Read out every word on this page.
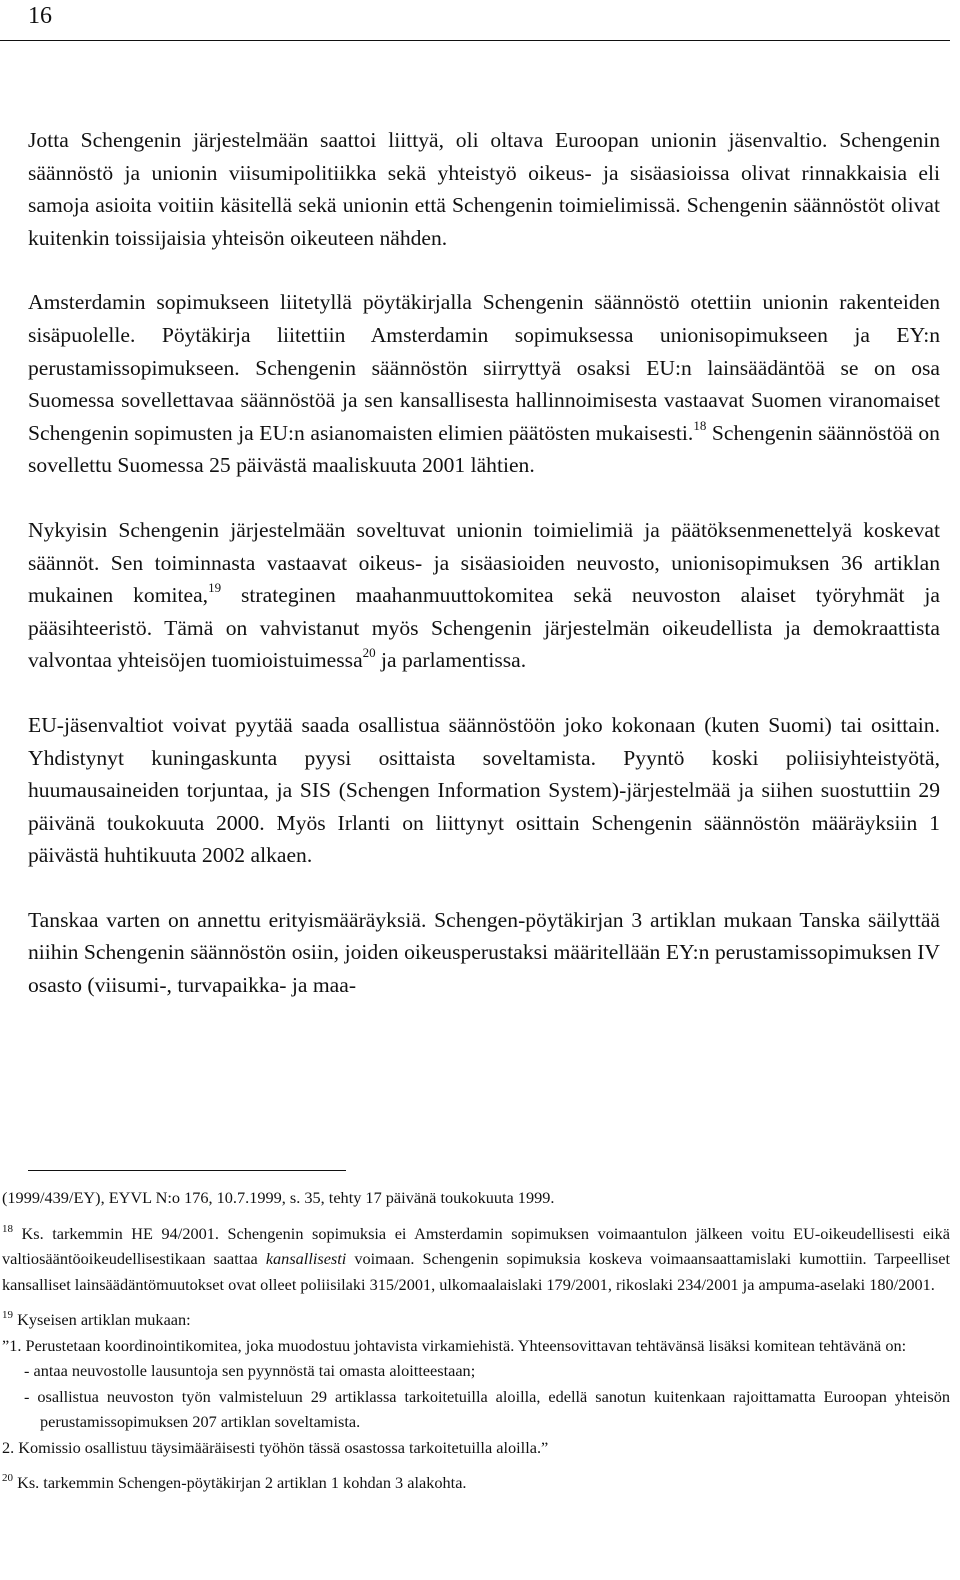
16

Jotta Schengenin järjestelmään saattoi liittyä, oli oltava Euroopan unionin jäsenvaltio. Schengenin säännöstö ja unionin viisumipolitiikka sekä yhteistyö oikeus- ja sisäasioissa olivat rinnakkaisia eli samoja asioita voitiin käsitellä sekä unionin että Schengenin toimielimissä. Schengenin säännöstöt olivat kuitenkin toissijaisia yhteisön oikeuteen nähden.

Amsterdamin sopimukseen liitetyllä pöytäkirjalla Schengenin säännöstö otettiin unionin rakenteiden sisäpuolelle. Pöytäkirja liitettiin Amsterdamin sopimuksessa unionisopimukseen ja EY:n perustamissopimukseen. Schengenin säännöstön siirryttyä osaksi EU:n lainsäädäntöä se on osa Suomessa sovellettavaa säännöstöä ja sen kansallisesta hallinnoimisesta vastaavat Suomen viranomaiset Schengenin sopimusten ja EU:n asianomaisten elimien päätösten mukaisesti.$^{18}$ Schengenin säännöstöä on sovellettu Suomessa 25 päivästä maaliskuuta 2001 lähtien.

Nykyisin Schengenin järjestelmään soveltuvat unionin toimielimiä ja päätöksenmenettelyä koskevat säännöt. Sen toiminnasta vastaavat oikeus- ja sisäasioiden neuvosto, unionisopimuksen 36 artiklan mukainen komitea,$^{19}$ strateginen maahanmuuttokomitea sekä neuvoston alaiset työryhmät ja pääsihteeristö. Tämä on vahvistanut myös Schengenin järjestelmän oikeudellista ja demokraattista valvontaa yhteisöjen tuomioistuimessa$^{20}$ ja parlamentissa.

EU-jäsenvaltiot voivat pyytää saada osallistua säännöstöön joko kokonaan (kuten Suomi) tai osittain. Yhdistynyt kuningaskunta pyysi osittaista soveltamista. Pyyntö koski poliisiyhteistyötä, huumausaineiden torjuntaa, ja SIS (Schengen Information System)-järjestelmää ja siihen suostuttiin 29 päivänä toukokuuta 2000. Myös Irlanti on liittynyt osittain Schengenin säännöstön määräyksiin 1 päivästä huhtikuuta 2002 alkaen.

Tanskaa varten on annettu erityismääräyksiä. Schengen-pöytäkirjan 3 artiklan mukaan Tanska säilyttää niihin Schengenin säännöstön osiin, joiden oikeusperustaksi määritellään EY:n perustamissopimuksen IV osasto (viisumi-, turvapaikka- ja maa-

(1999/439/EY), EYVL N:o 176, 10.7.1999, s. 35, tehty 17 päivänä toukokuuta 1999.

$^{18}$ Ks. tarkemmin HE 94/2001. Schengenin sopimuksia ei Amsterdamin sopimuksen voimaantulon jälkeen voitu EU-oikeudellisesti eikä valtiosääntöoikeudellisestikaan saattaa kansallisesti voimaan. Schengenin sopimuksia koskeva voimaansaattamislaki kumottiin. Tarpeelliset kansalliset lainsäädäntömuutokset ovat olleet poliisilaki 315/2001, ulkomaalaislaki 179/2001, rikoslaki 234/2001 ja ampuma-aselaki 180/2001.

$^{19}$ Kyseisen artiklan mukaan:

”1. Perustetaan koordinointikomitea, joka muodostuu johtavista virkamiehistä. Yhteensovittavan tehtävänsä lisäksi komitean tehtävänä on:

- antaa neuvostolle lausuntoja sen pyynnöstä tai omasta aloitteestaan;

- osallistua neuvoston työn valmisteluun 29 artiklassa tarkoitetuilla aloilla, edellä sanotun kuitenkaan rajoittamatta Euroopan yhteisön perustamissopimuksen 207 artiklan soveltamista.

2. Komissio osallistuu täysimääräisesti työhön tässä osastossa tarkoitetuilla aloilla.”

$^{20}$ Ks. tarkemmin Schengen-pöytäkirjan 2 artiklan 1 kohdan 3 alakohta.
